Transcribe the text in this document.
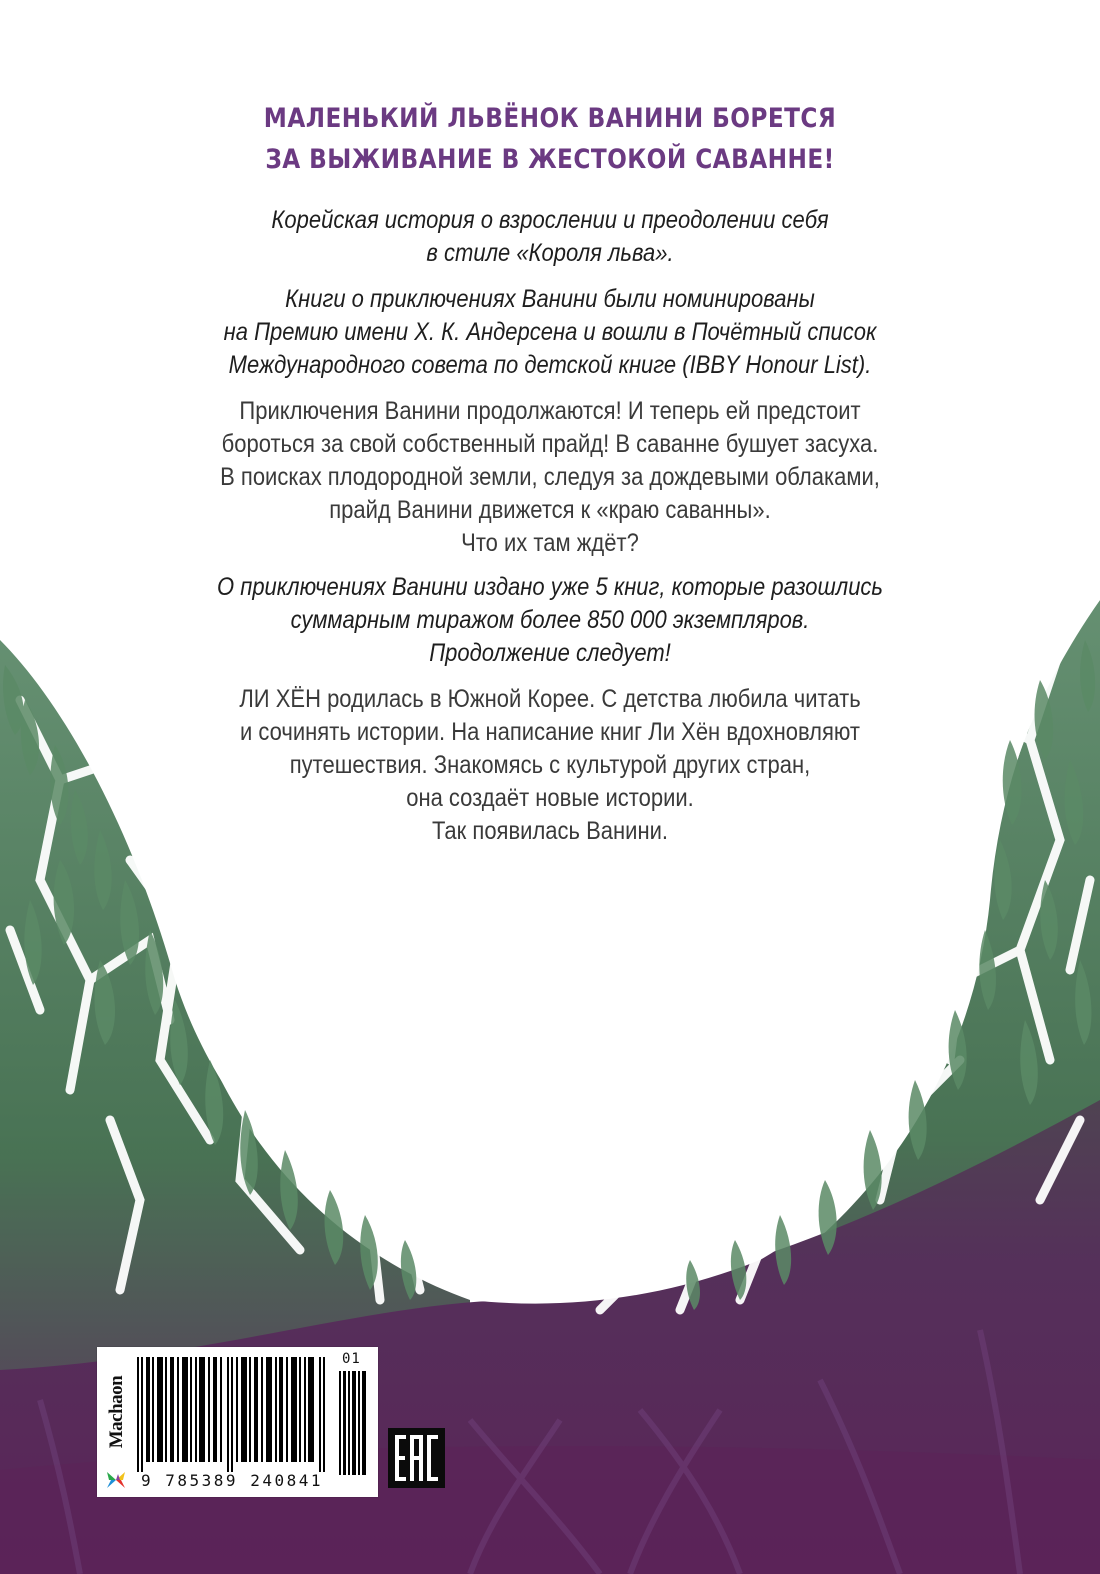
МАЛЕНЬКИЙ ЛЬВЁНОК ВАНИНИ БОРЕТСЯ
ЗА ВЫЖИВАНИЕ В ЖЕСТОКОЙ САВАННЕ!
Корейская история о взрослении и преодолении себя
в стиле «Короля льва».
Книги о приключениях Ванини были номинированы
на Премию имени Х. К. Андерсена и вошли в Почётный список
Международного совета по детской книге (IBBY Honour List).
Приключения Ванини продолжаются! И теперь ей предстоит
бороться за свой собственный прайд! В саванне бушует засуха.
В поисках плодородной земли, следуя за дождевыми облаками,
прайд Ванини движется к «краю саванны».
Что их там ждёт?
О приключениях Ванини издано уже 5 книг, которые разошлись
суммарным тиражом более 850 000 экземпляров.
Продолжение следует!
ЛИ ХЁН родилась в Южной Корее. С детства любила читать
и сочинять истории. На написание книг Ли Хён вдохновляют
путешествия. Знакомясь с культурой других стран,
она создаёт новые истории.
Так появилась Ванини.
Machaon
01
9 785389 240841
